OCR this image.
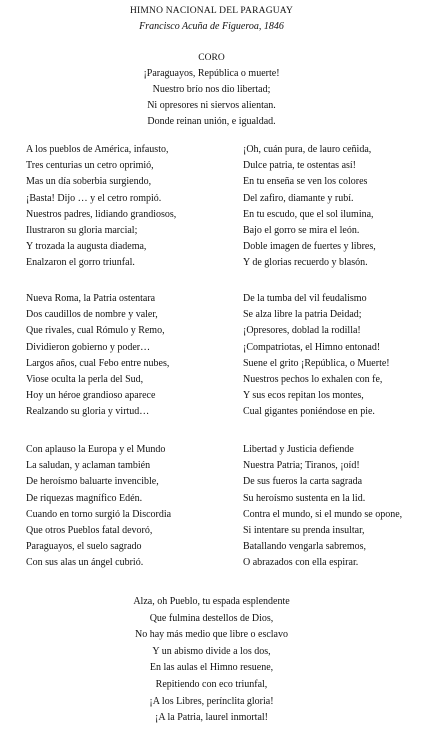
HIMNO NACIONAL DEL PARAGUAY
Francisco Acuña de Figueroa, 1846
CORO
¡Paraguayos, República o muerte!
Nuestro brío nos dio libertad;
Ni opresores ni siervos alientan.
Donde reinan unión, e igualdad.
A los pueblos de América, infausto,
Tres centurias un cetro oprimió,
Mas un día soberbia surgiendo,
¡Basta! Dijo … y el cetro rompió.
Nuestros padres, lidiando grandiosos,
Ilustraron su gloria marcial;
Y trozada la augusta diadema,
Enalzaron el gorro triunfal.
Nueva Roma, la Patria ostentara
Dos caudillos de nombre y valer,
Que rivales, cual Rómulo y Remo,
Dividieron gobierno y poder…
Largos años, cual Febo entre nubes,
Viose oculta la perla del Sud,
Hoy un héroe grandioso aparece
Realzando su gloria y virtud…
Con aplauso la Europa y el Mundo
La saludan, y aclaman también
De heroísmo baluarte invencible,
De riquezas magnífico Edén.
Cuando en torno surgió la Discordia
Que otros Pueblos fatal devoró,
Paraguayos, el suelo sagrado
Con sus alas un ángel cubrió.
¡Oh, cuán pura, de lauro ceñida,
Dulce patria, te ostentas así!
En tu enseña se ven los colores
Del zafiro, diamante y rubí.
En tu escudo, que el sol ilumina,
Bajo el gorro se mira el león.
Doble imagen de fuertes y libres,
Y de glorias recuerdo y blasón.
De la tumba del vil feudalismo
Se alza libre la patria Deidad;
¡Opresores, doblad la rodilla!
¡Compatriotas, el Himno entonad!
Suene el grito ¡República, o Muerte!
Nuestros pechos lo exhalen con fe,
Y sus ecos repitan los montes,
Cual gigantes poniéndose en pie.
Libertad y Justicia defiende
Nuestra Patria; Tiranos, ¡oíd!
De sus fueros la carta sagrada
Su heroísmo sustenta en la lid.
Contra el mundo, si el mundo se opone,
Si intentare su prenda insultar,
Batallando vengarla sabremos,
O abrazados con ella espirar.
Alza, oh Pueblo, tu espada esplendente
Que fulmina destellos de Dios,
No hay más medio que libre o esclavo
Y un abismo divide a los dos,
En las aulas el Himno resuene,
Repitiendo con eco triunfal,
¡A los Libres, perínclita gloria!
¡A la Patria, laurel inmortal!
